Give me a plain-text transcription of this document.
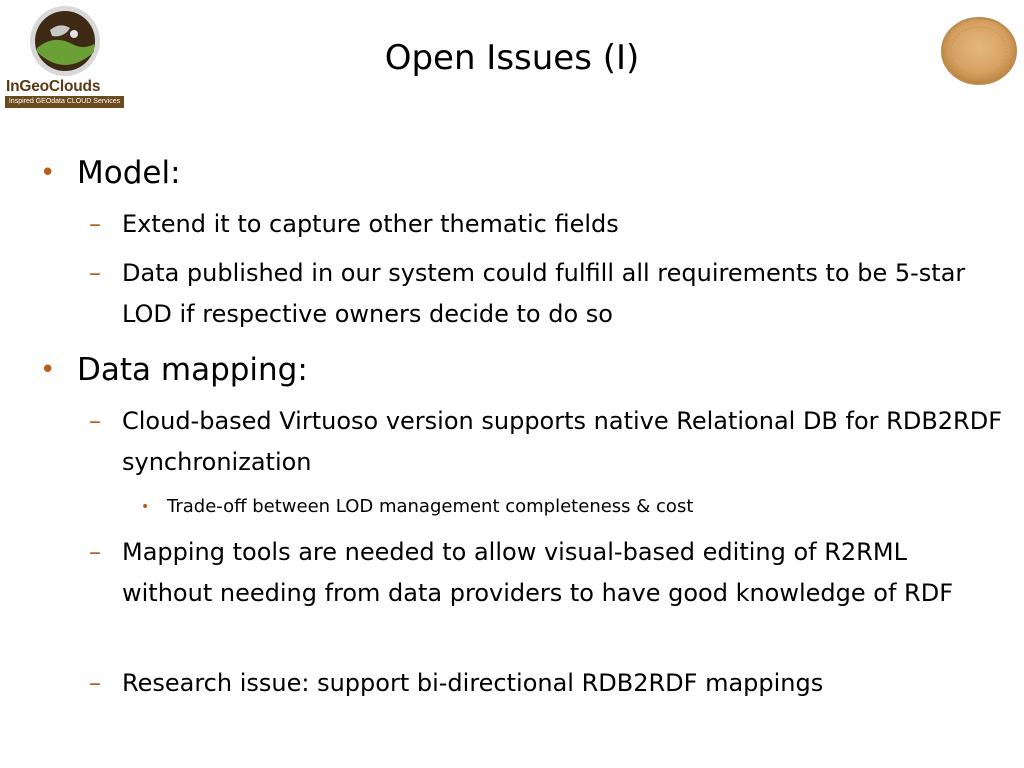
InGeoClouds
Inspired GEOdata CLOUD Services
Open Issues (I)
• Model:
– Extend it to capture other thematic fields
– Data published in our system could fulfill all requirements to be 5-star LOD if respective owners decide to do so
• Data mapping:
– Cloud-based Virtuoso version supports native Relational DB for RDB2RDF synchronization
• Trade-off between LOD management completeness & cost
– Mapping tools are needed to allow visual-based editing of R2RML without needing from data providers to have good knowledge of RDF
– Research issue: support bi-directional RDB2RDF mappings
